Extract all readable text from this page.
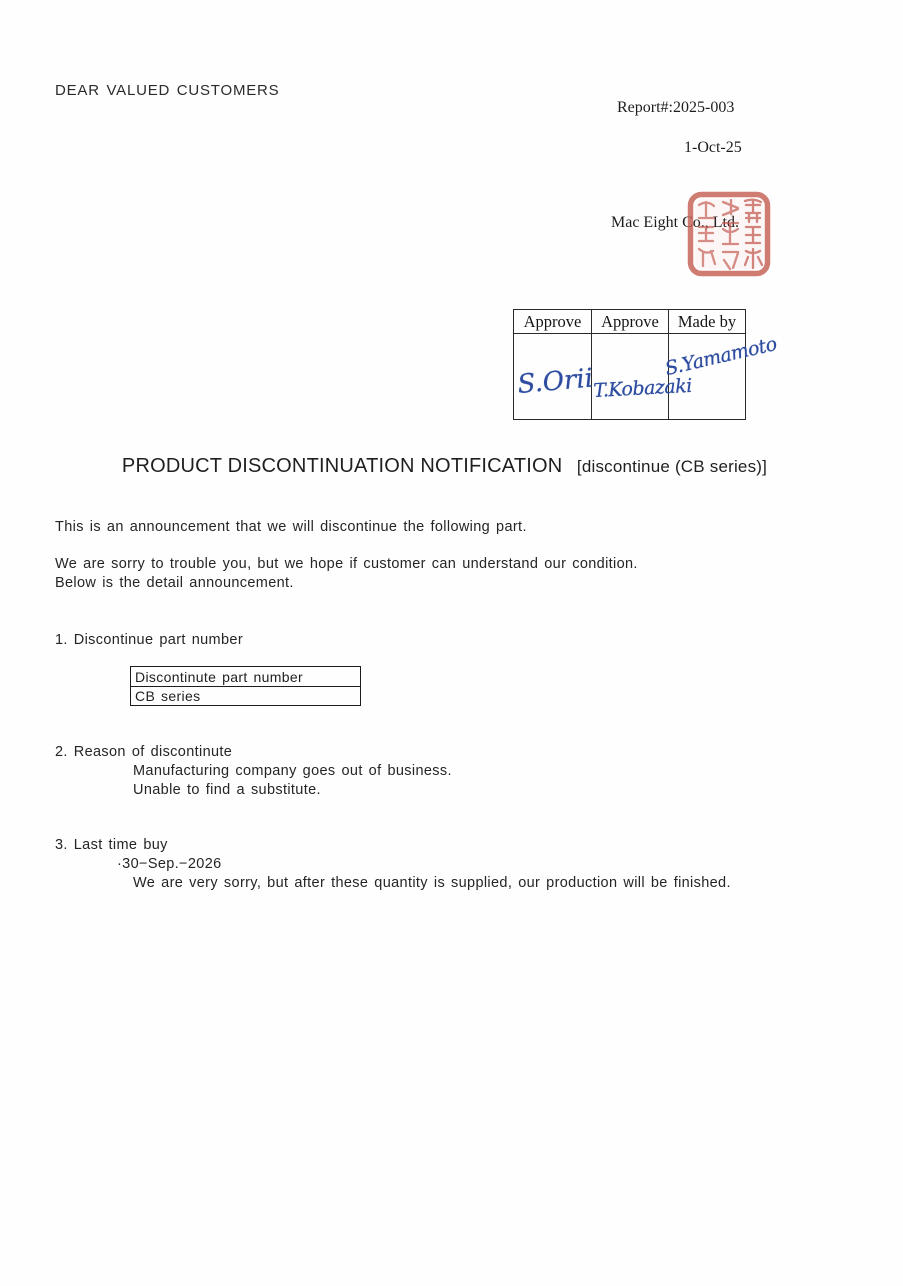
DEAR VALUED CUSTOMERS
Report#:2025-003
1-Oct-25
Mac Eight Co., Ltd.
Approve Approve Made by
S.Orii
T.Kobazaki
S.Yamamoto
PRODUCT DISCONTINUATION NOTIFICATION [discontinue (CB series)]
This is an announcement that we will discontinue the following part.
We are sorry to trouble you, but we hope if customer can understand our condition.
Below is the detail announcement.
1. Discontinue part number
Discontinute part number
CB series
2. Reason of discontinute
Manufacturing company goes out of business.
Unable to find a substitute.
3. Last time buy
·30−Sep.−2026
We are very sorry, but after these quantity is supplied, our production will be finished.
